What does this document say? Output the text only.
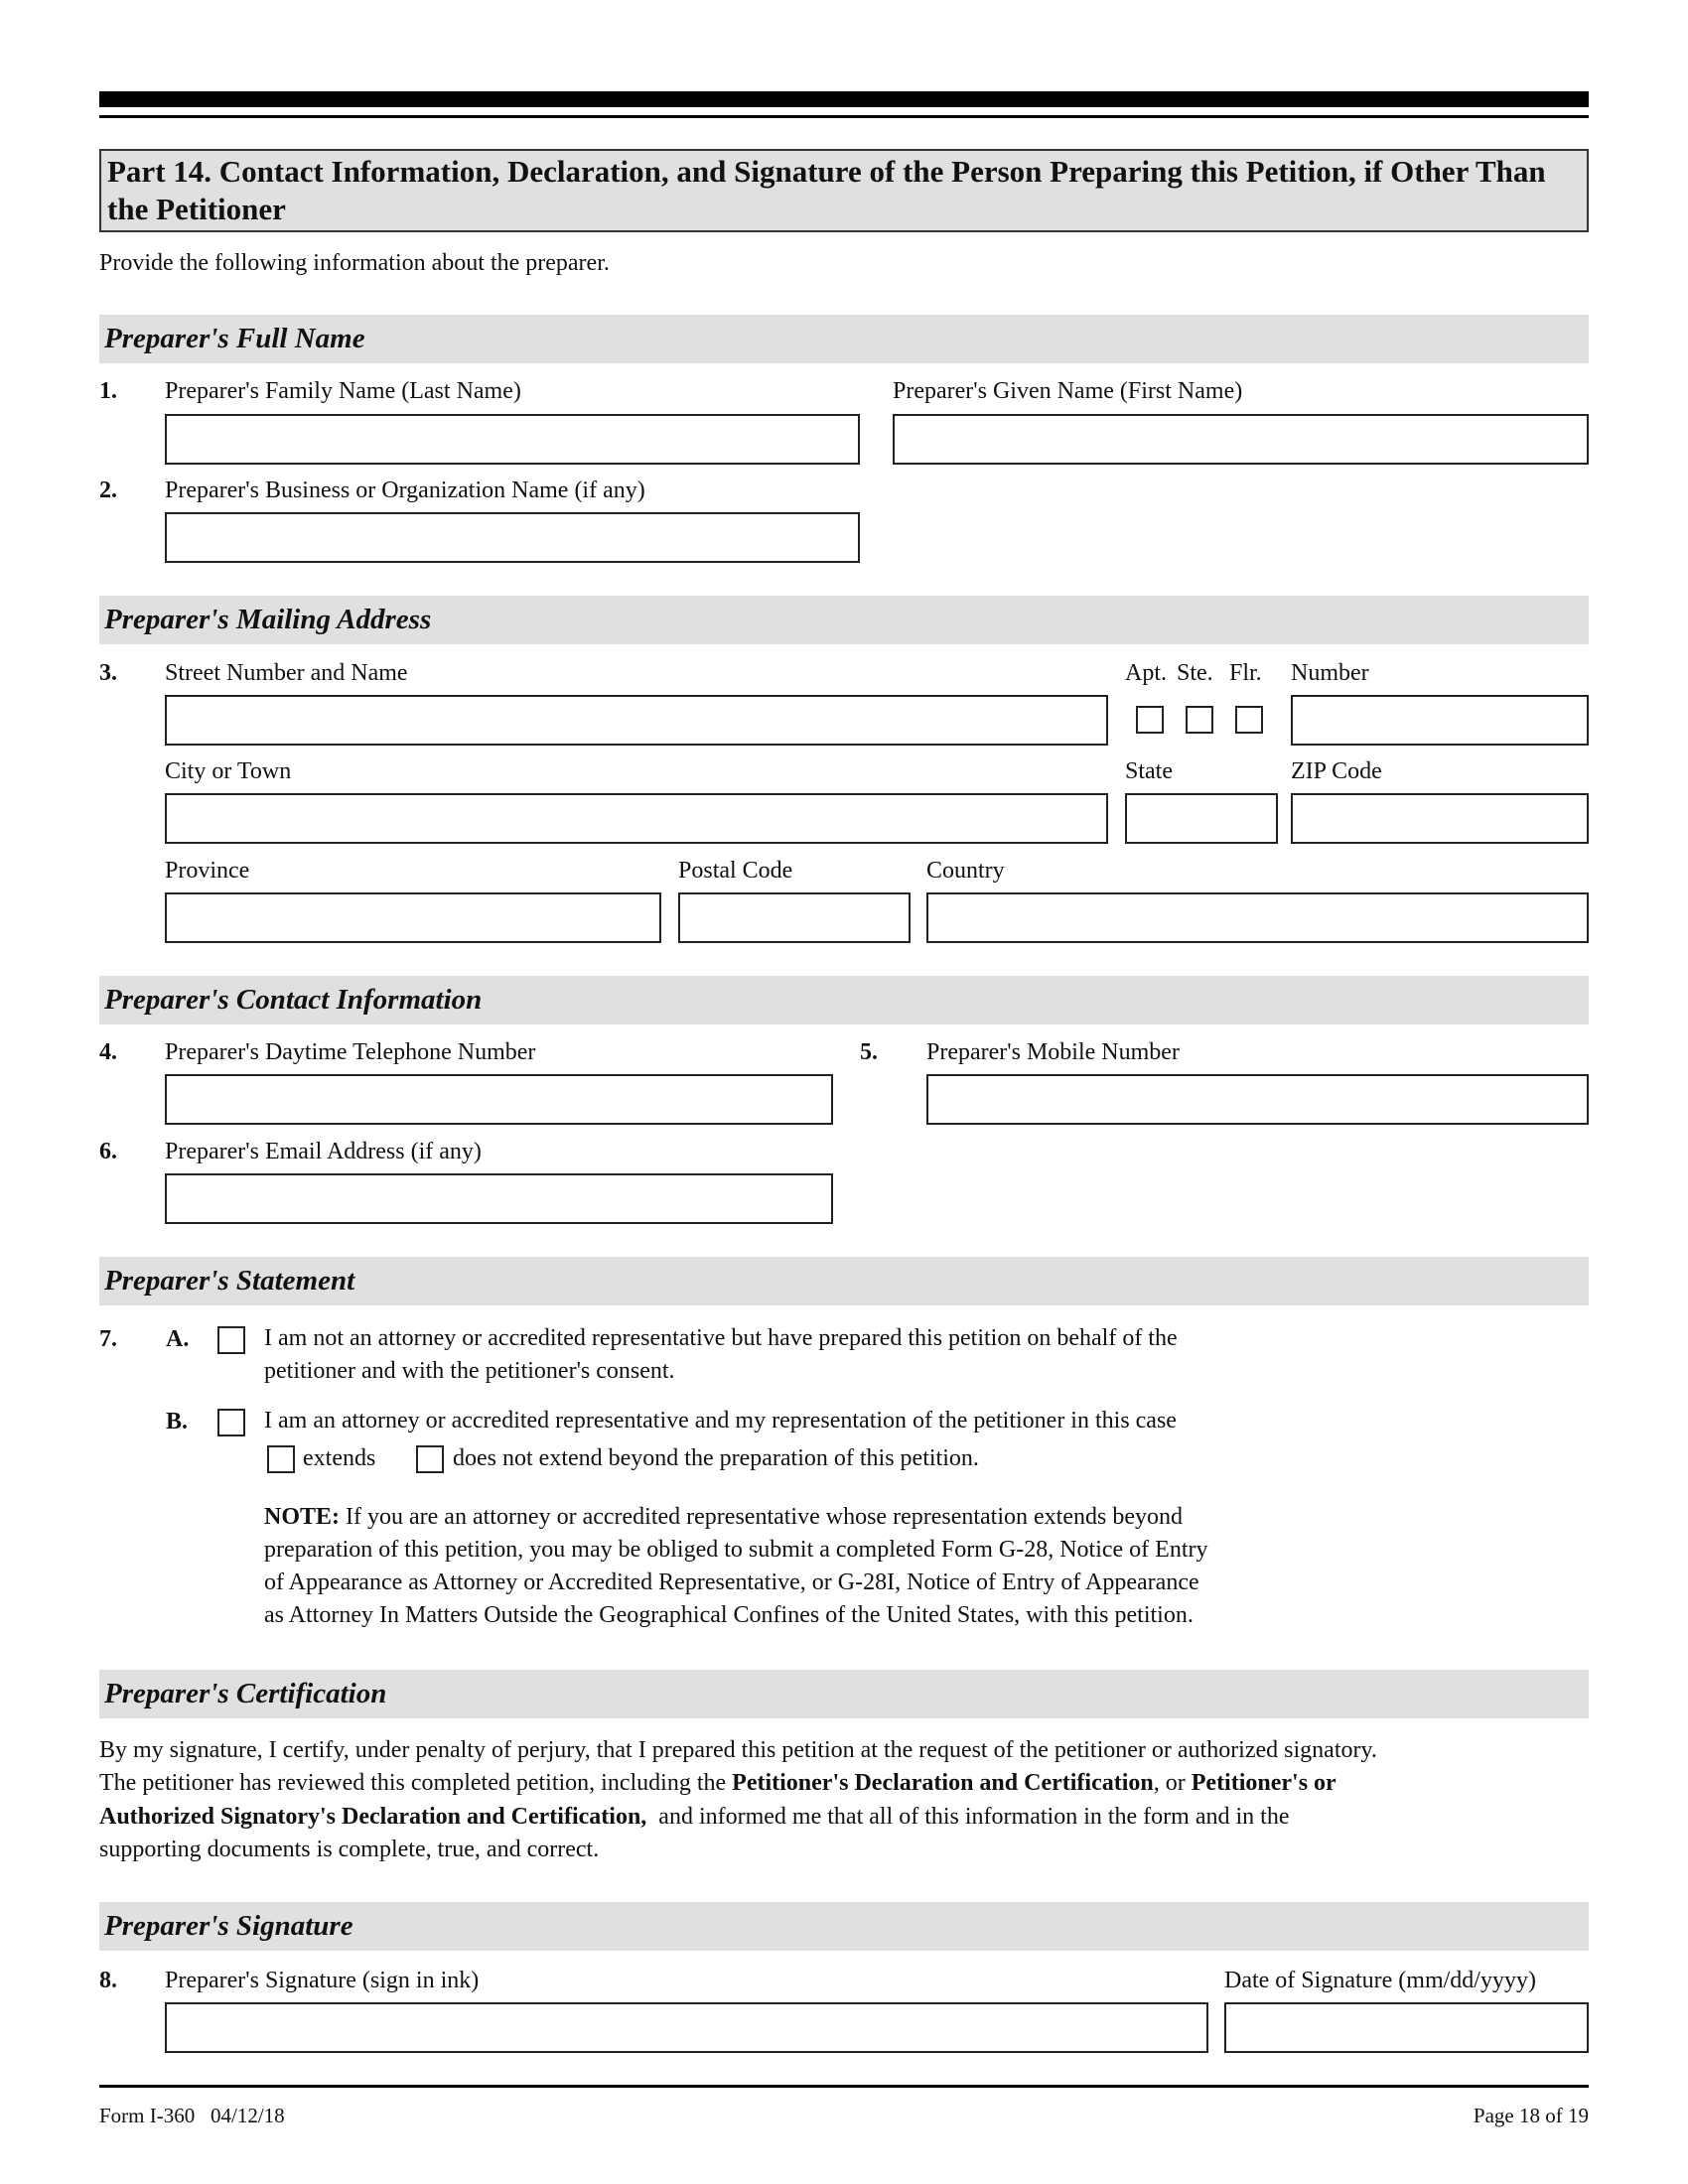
Part 14. Contact Information, Declaration, and Signature of the Person Preparing this Petition, if Other Than the Petitioner
Provide the following information about the preparer.
Preparer's Full Name
1. Preparer's Family Name (Last Name)	Preparer's Given Name (First Name)
2. Preparer's Business or Organization Name (if any)
Preparer's Mailing Address
3. Street Number and Name	Apt. Ste. Flr. Number
City or Town	State	ZIP Code
Province	Postal Code	Country
Preparer's Contact Information
4. Preparer's Daytime Telephone Number	5. Preparer's Mobile Number
6. Preparer's Email Address (if any)
Preparer's Statement
7. A.	I am not an attorney or accredited representative but have prepared this petition on behalf of the
petitioner and with the petitioner's consent.
B.	I am an attorney or accredited representative and my representation of the petitioner in this case
extends	does not extend beyond the preparation of this petition.
NOTE: If you are an attorney or accredited representative whose representation extends beyond
preparation of this petition, you may be obliged to submit a completed Form G-28, Notice of Entry
of Appearance as Attorney or Accredited Representative, or G-28I, Notice of Entry of Appearance
as Attorney In Matters Outside the Geographical Confines of the United States, with this petition.
Preparer's Certification
By my signature, I certify, under penalty of perjury, that I prepared this petition at the request of the petitioner or authorized signatory.
The petitioner has reviewed this completed petition, including the Petitioner's Declaration and Certification, or Petitioner's or
Authorized Signatory's Declaration and Certification,  and informed me that all of this information in the form and in the
supporting documents is complete, true, and correct.
Preparer's Signature
8. Preparer's Signature (sign in ink)	Date of Signature (mm/dd/yyyy)
Form I-360   04/12/18	Page 18 of 19
